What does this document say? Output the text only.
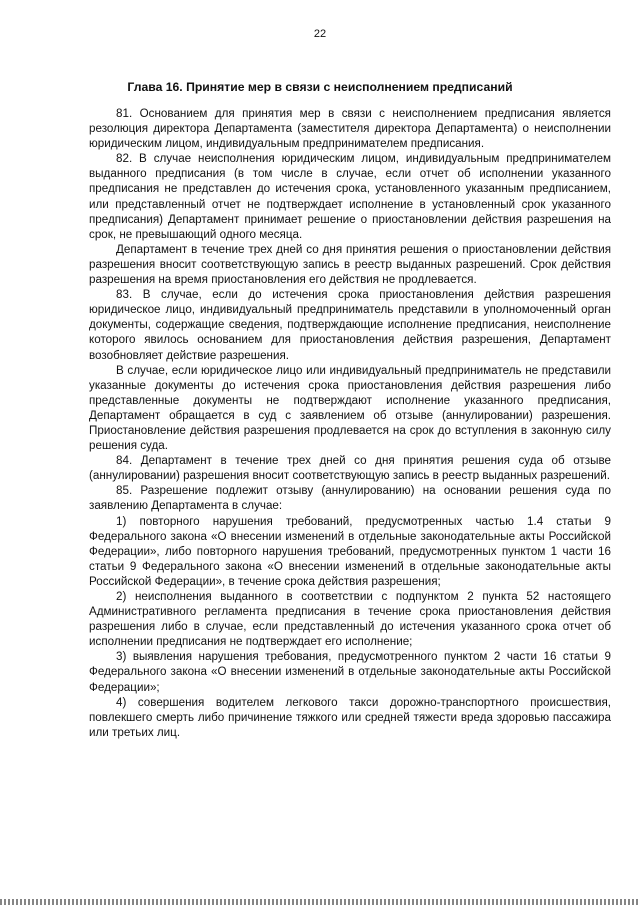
22
Глава 16. Принятие мер в связи с неисполнением предписаний

81. Основанием для принятия мер в связи с неисполнением предписания является резолюция директора Департамента (заместителя директора Департамента) о неисполнении юридическим лицом, индивидуальным предпринимателем предписания.

82. В случае неисполнения юридическим лицом, индивидуальным предпринимателем выданного предписания (в том числе в случае, если отчет об исполнении указанного предписания не представлен до истечения срока, установленного указанным предписанием, или представленный отчет не подтверждает исполнение в установленный срок указанного предписания) Департамент принимает решение о приостановлении действия разрешения на срок, не превышающий одного месяца.

Департамент в течение трех дней со дня принятия решения о приостановлении действия разрешения вносит соответствующую запись в реестр выданных разрешений. Срок действия разрешения на время приостановления его действия не продлевается.

83. В случае, если до истечения срока приостановления действия разрешения юридическое лицо, индивидуальный предприниматель представили в уполномоченный орган документы, содержащие сведения, подтверждающие исполнение предписания, неисполнение которого явилось основанием для приостановления действия разрешения, Департамент возобновляет действие разрешения.

В случае, если юридическое лицо или индивидуальный предприниматель не представили указанные документы до истечения срока приостановления действия разрешения либо представленные документы не подтверждают исполнение указанного предписания, Департамент обращается в суд с заявлением об отзыве (аннулировании) разрешения. Приостановление действия разрешения продлевается на срок до вступления в законную силу решения суда.

84. Департамент в течение трех дней со дня принятия решения суда об отзыве (аннулировании) разрешения вносит соответствующую запись в реестр выданных разрешений.

85. Разрешение подлежит отзыву (аннулированию) на основании решения суда по заявлению Департамента в случае:

1) повторного нарушения требований, предусмотренных частью 1.4 статьи 9 Федерального закона «О внесении изменений в отдельные законодательные акты Российской Федерации», либо повторного нарушения требований, предусмотренных пунктом 1 части 16 статьи 9 Федерального закона «О внесении изменений в отдельные законодательные акты Российской Федерации», в течение срока действия разрешения;

2) неисполнения выданного в соответствии с подпунктом 2 пункта 52 настоящего Административного регламента предписания в течение срока приостановления действия разрешения либо в случае, если представленный до истечения указанного срока отчет об исполнении предписания не подтверждает его исполнение;

3) выявления нарушения требования, предусмотренного пунктом 2 части 16 статьи 9 Федерального закона «О внесении изменений в отдельные законодательные акты Российской Федерации»;

4) совершения водителем легкового такси дорожно-транспортного происшествия, повлекшего смерть либо причинение тяжкого или средней тяжести вреда здоровью пассажира или третьих лиц.
